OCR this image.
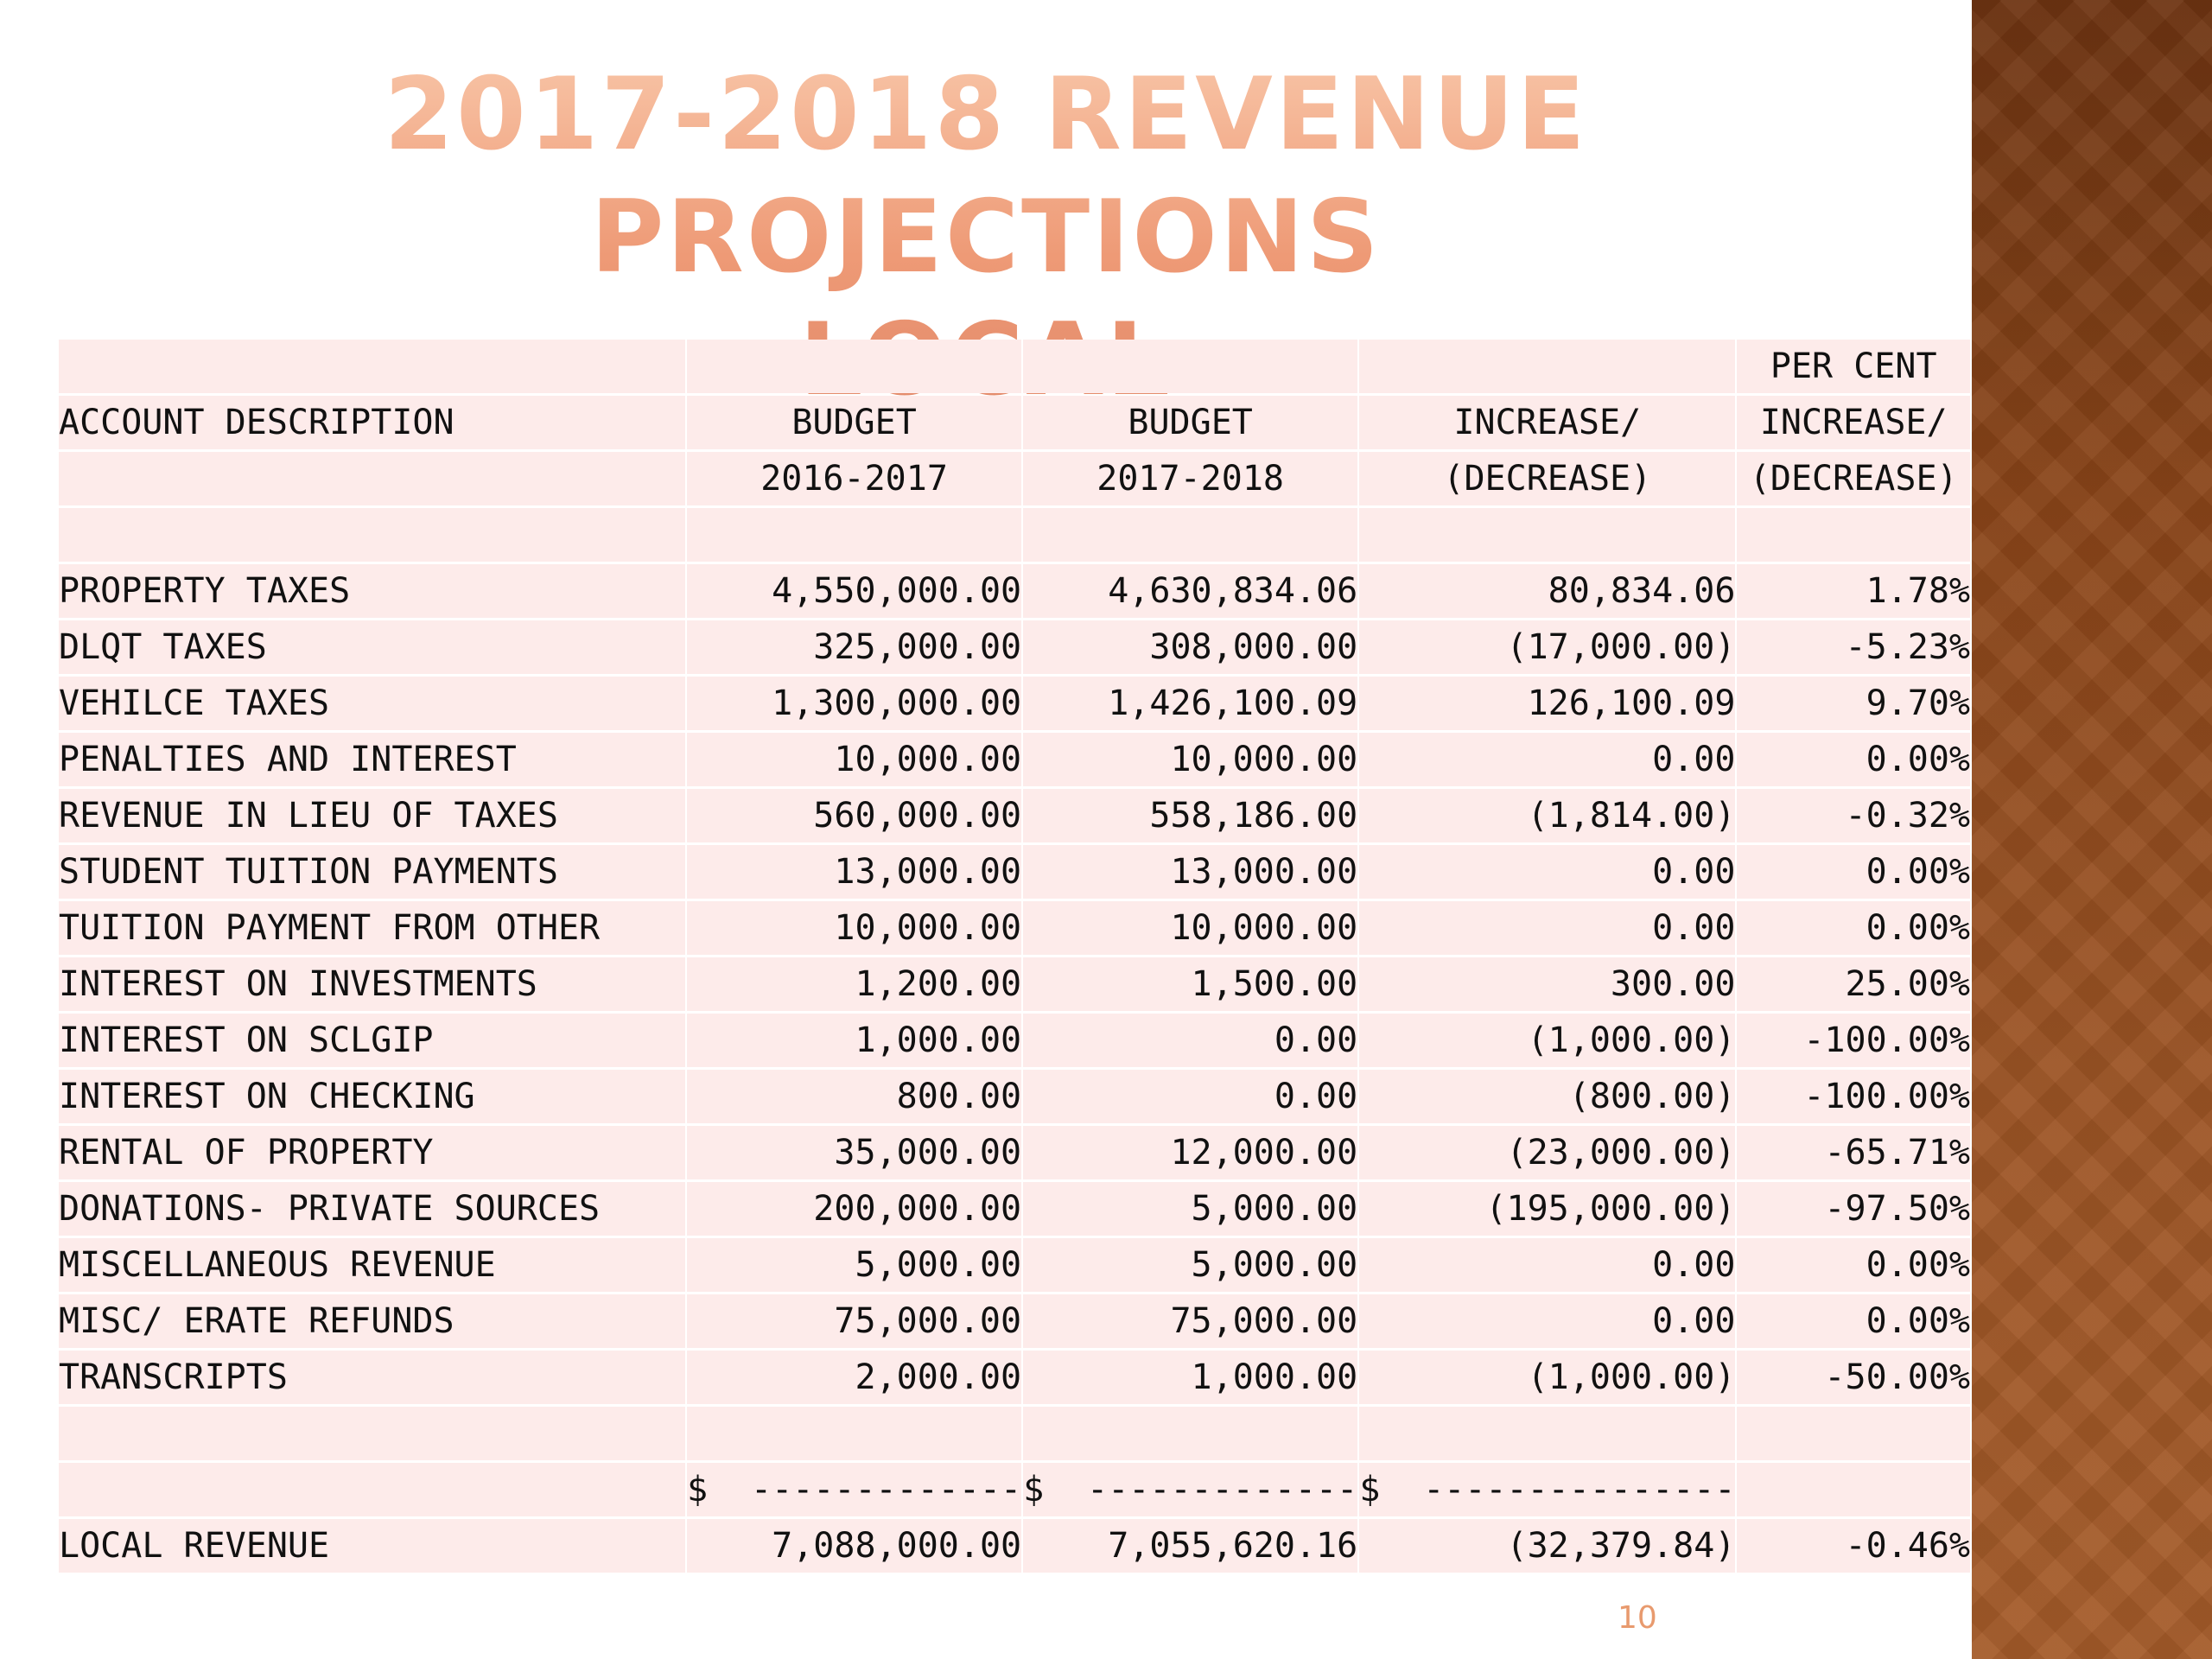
2017-2018 REVENUE PROJECTIONS
				PER CENT
ACCOUNT DESCRIPTION	BUDGET	BUDGET	INCREASE/	INCREASE/
	2016-2017	2017-2018	(DECREASE)	(DECREASE)

PROPERTY TAXES	4,550,000.00	4,630,834.06	80,834.06	1.78%
DLQT TAXES	325,000.00	308,000.00	(17,000.00)	-5.23%
VEHILCE TAXES	1,300,000.00	1,426,100.09	126,100.09	9.70%
PENALTIES AND INTEREST	10,000.00	10,000.00	0.00	0.00%
REVENUE IN LIEU OF TAXES	560,000.00	558,186.00	(1,814.00)	-0.32%
STUDENT TUITION PAYMENTS	13,000.00	13,000.00	0.00	0.00%
TUITION PAYMENT FROM OTHER	10,000.00	10,000.00	0.00	0.00%
INTEREST ON INVESTMENTS	1,200.00	1,500.00	300.00	25.00%
INTEREST ON SCLGIP	1,000.00	0.00	(1,000.00)	-100.00%
INTEREST ON CHECKING	800.00	0.00	(800.00)	-100.00%
RENTAL OF PROPERTY	35,000.00	12,000.00	(23,000.00)	-65.71%
DONATIONS- PRIVATE SOURCES	200,000.00	5,000.00	(195,000.00)	-97.50%
MISCELLANEOUS REVENUE	5,000.00	5,000.00	0.00	0.00%
MISC/ ERATE REFUNDS	75,000.00	75,000.00	0.00	0.00%
TRANSCRIPTS	2,000.00	1,000.00	(1,000.00)	-50.00%

	$ -------------	$ -------------	$ ---------------	
LOCAL REVENUE	7,088,000.00	7,055,620.16	(32,379.84)	-0.46%
10
